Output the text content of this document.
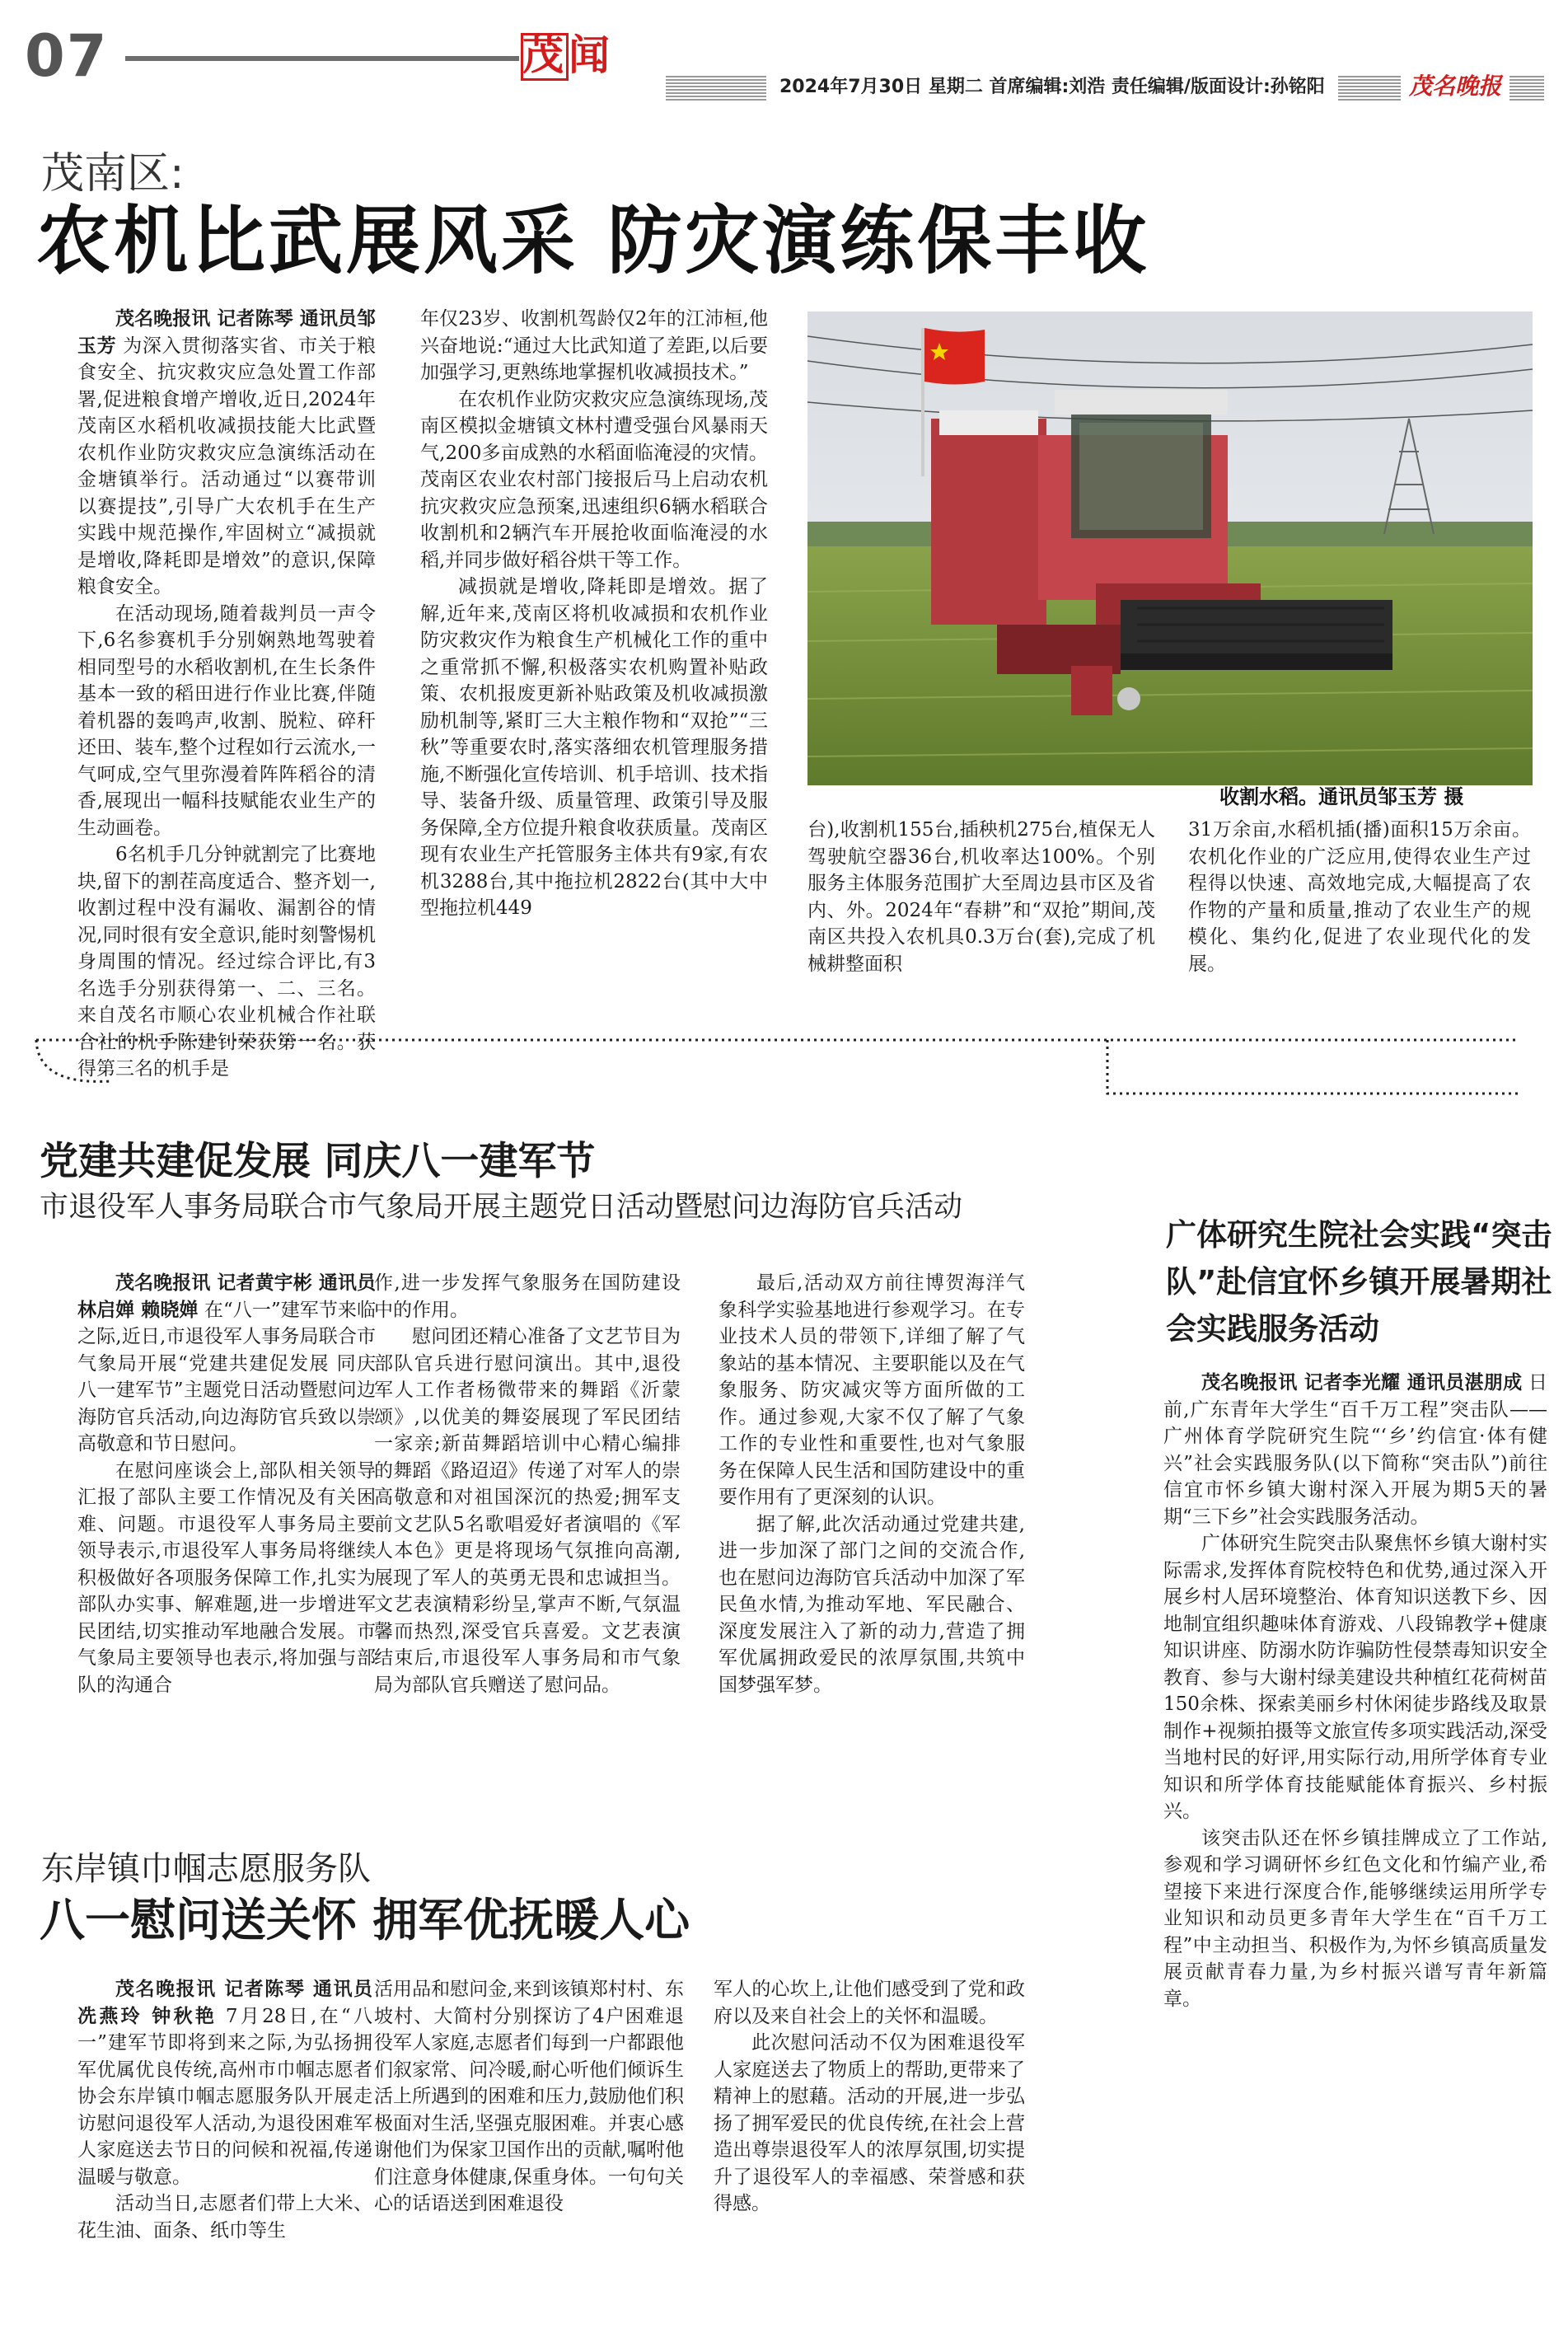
07	茂闻
2024年7月30日 星期二 首席编辑:刘浩 责任编辑/版面设计:孙铭阳	茂名晚报
茂南区:
农机比武展风采 防灾演练保丰收

茂名晚报讯 记者陈琴 通讯员邹玉芳 为深入贯彻落实省、市关于粮食安全、抗灾救灾应急处置工作部署,促进粮食增产增收,近日,2024年茂南区水稻机收减损技能大比武暨农机作业防灾救灾应急演练活动在金塘镇举行。活动通过“以赛带训 以赛提技”,引导广大农机手在生产实践中规范操作,牢固树立“减损就是增收,降耗即是增效”的意识,保障粮食安全。

在活动现场,随着裁判员一声令下,6名参赛机手分别娴熟地驾驶着相同型号的水稻收割机,在生长条件基本一致的稻田进行作业比赛,伴随着机器的轰鸣声,收割、脱粒、碎秆还田、装车,整个过程如行云流水,一气呵成,空气里弥漫着阵阵稻谷的清香,展现出一幅科技赋能农业生产的生动画卷。

6名机手几分钟就割完了比赛地块,留下的割茬高度适合、整齐划一,收割过程中没有漏收、漏割谷的情况,同时很有安全意识,能时刻警惕机身周围的情况。经过综合评比,有3名选手分别获得第一、二、三名。来自茂名市顺心农业机械合作社联合社的机手陈建钊荣获第一名。获得第三名的机手是

年仅23岁、收割机驾龄仅2年的江沛桓,他兴奋地说:“通过大比武知道了差距,以后要加强学习,更熟练地掌握机收减损技术。”

在农机作业防灾救灾应急演练现场,茂南区模拟金塘镇文林村遭受强台风暴雨天气,200多亩成熟的水稻面临淹浸的灾情。茂南区农业农村部门接报后马上启动农机抗灾救灾应急预案,迅速组织6辆水稻联合收割机和2辆汽车开展抢收面临淹浸的水稻,并同步做好稻谷烘干等工作。

减损就是增收,降耗即是增效。据了解,近年来,茂南区将机收减损和农机作业防灾救灾作为粮食生产机械化工作的重中之重常抓不懈,积极落实农机购置补贴政策、农机报废更新补贴政策及机收减损激励机制等,紧盯三大主粮作物和“双抢”“三秋”等重要农时,落实落细农机管理服务措施,不断强化宣传培训、机手培训、技术指导、装备升级、质量管理、政策引导及服务保障,全方位提升粮食收获质量。茂南区现有农业生产托管服务主体共有9家,有农机3288台,其中拖拉机2822台(其中大中型拖拉机449

收割水稻。通讯员邹玉芳 摄

台),收割机155台,插秧机275台,植保无人驾驶航空器36台,机收率达100%。个别服务主体服务范围扩大至周边县市区及省内、外。2024年“春耕”和“双抢”期间,茂南区共投入农机具0.3万台(套),完成了机械耕整面积

31万余亩,水稻机插(播)面积15万余亩。农机化作业的广泛应用,使得农业生产过程得以快速、高效地完成,大幅提高了农作物的产量和质量,推动了农业生产的规模化、集约化,促进了农业现代化的发展。

党建共建促发展 同庆八一建军节
市退役军人事务局联合市气象局开展主题党日活动暨慰问边海防官兵活动

茂名晚报讯 记者黄宇彬 通讯员林启婵 赖晓婵 在“八一”建军节来临之际,近日,市退役军人事务局联合市气象局开展“党建共建促发展 同庆八一建军节”主题党日活动暨慰问边海防官兵活动,向边海防官兵致以崇高敬意和节日慰问。

在慰问座谈会上,部队相关领导汇报了部队主要工作情况及有关困难、问题。市退役军人事务局主要领导表示,市退役军人事务局将继续积极做好各项服务保障工作,扎实为部队办实事、解难题,进一步增进军民团结,切实推动军地融合发展。市气象局主要领导也表示,将加强与部队的沟通合

作,进一步发挥气象服务在国防建设中的作用。

慰问团还精心准备了文艺节目为部队官兵进行慰问演出。其中,退役军人工作者杨微带来的舞蹈《沂蒙颂》,以优美的舞姿展现了军民团结一家亲;新苗舞蹈培训中心精心编排的舞蹈《路迢迢》传递了对军人的崇高敬意和对祖国深沉的热爱;拥军支前文艺队5名歌唱爱好者演唱的《军人本色》更是将现场气氛推向高潮,展现了军人的英勇无畏和忠诚担当。文艺表演精彩纷呈,掌声不断,气氛温馨而热烈,深受官兵喜爱。文艺表演结束后,市退役军人事务局和市气象局为部队官兵赠送了慰问品。

最后,活动双方前往博贺海洋气象科学实验基地进行参观学习。在专业技术人员的带领下,详细了解了气象站的基本情况、主要职能以及在气象服务、防灾减灾等方面所做的工作。通过参观,大家不仅了解了气象工作的专业性和重要性,也对气象服务在保障人民生活和国防建设中的重要作用有了更深刻的认识。

据了解,此次活动通过党建共建,进一步加深了部门之间的交流合作,也在慰问边海防官兵活动中加深了军民鱼水情,为推动军地、军民融合、深度发展注入了新的动力,营造了拥军优属拥政爱民的浓厚氛围,共筑中国梦强军梦。

广体研究生院社会实践“突击队”赴信宜怀乡镇开展暑期社会实践服务活动

茂名晚报讯 记者李光耀 通讯员湛朋成 日前,广东青年大学生“百千万工程”突击队——广州体育学院研究生院“‘乡’约信宜·体有健兴”社会实践服务队(以下简称“突击队”)前往信宜市怀乡镇大谢村深入开展为期5天的暑期“三下乡”社会实践服务活动。

广体研究生院突击队聚焦怀乡镇大谢村实际需求,发挥体育院校特色和优势,通过深入开展乡村人居环境整治、体育知识送教下乡、因地制宜组织趣味体育游戏、八段锦教学+健康知识讲座、防溺水防诈骗防性侵禁毒知识安全教育、参与大谢村绿美建设共种植红花荷树苗150余株、探索美丽乡村休闲徒步路线及取景制作+视频拍摄等文旅宣传多项实践活动,深受当地村民的好评,用实际行动,用所学体育专业知识和所学体育技能赋能体育振兴、乡村振兴。

该突击队还在怀乡镇挂牌成立了工作站,参观和学习调研怀乡红色文化和竹编产业,希望接下来进行深度合作,能够继续运用所学专业知识和动员更多青年大学生在“百千万工程”中主动担当、积极作为,为怀乡镇高质量发展贡献青春力量,为乡村振兴谱写青年新篇章。

东岸镇巾帼志愿服务队
八一慰问送关怀 拥军优抚暖人心

茂名晚报讯 记者陈琴 通讯员冼燕玲 钟秋艳 7月28日,在“八一”建军节即将到来之际,为弘扬拥军优属优良传统,高州市巾帼志愿者协会东岸镇巾帼志愿服务队开展走访慰问退役军人活动,为退役困难军人家庭送去节日的问候和祝福,传递温暖与敬意。

活动当日,志愿者们带上大米、花生油、面条、纸巾等生

活用品和慰问金,来到该镇郑村村、东坡村、大简村分别探访了4户困难退役军人家庭,志愿者们每到一户都跟他们叙家常、问冷暖,耐心听他们倾诉生活上所遇到的困难和压力,鼓励他们积极面对生活,坚强克服困难。并衷心感谢他们为保家卫国作出的贡献,嘱咐他们注意身体健康,保重身体。一句句关心的话语送到困难退役

军人的心坎上,让他们感受到了党和政府以及来自社会上的关怀和温暖。

此次慰问活动不仅为困难退役军人家庭送去了物质上的帮助,更带来了精神上的慰藉。活动的开展,进一步弘扬了拥军爱民的优良传统,在社会上营造出尊崇退役军人的浓厚氛围,切实提升了退役军人的幸福感、荣誉感和获得感。
